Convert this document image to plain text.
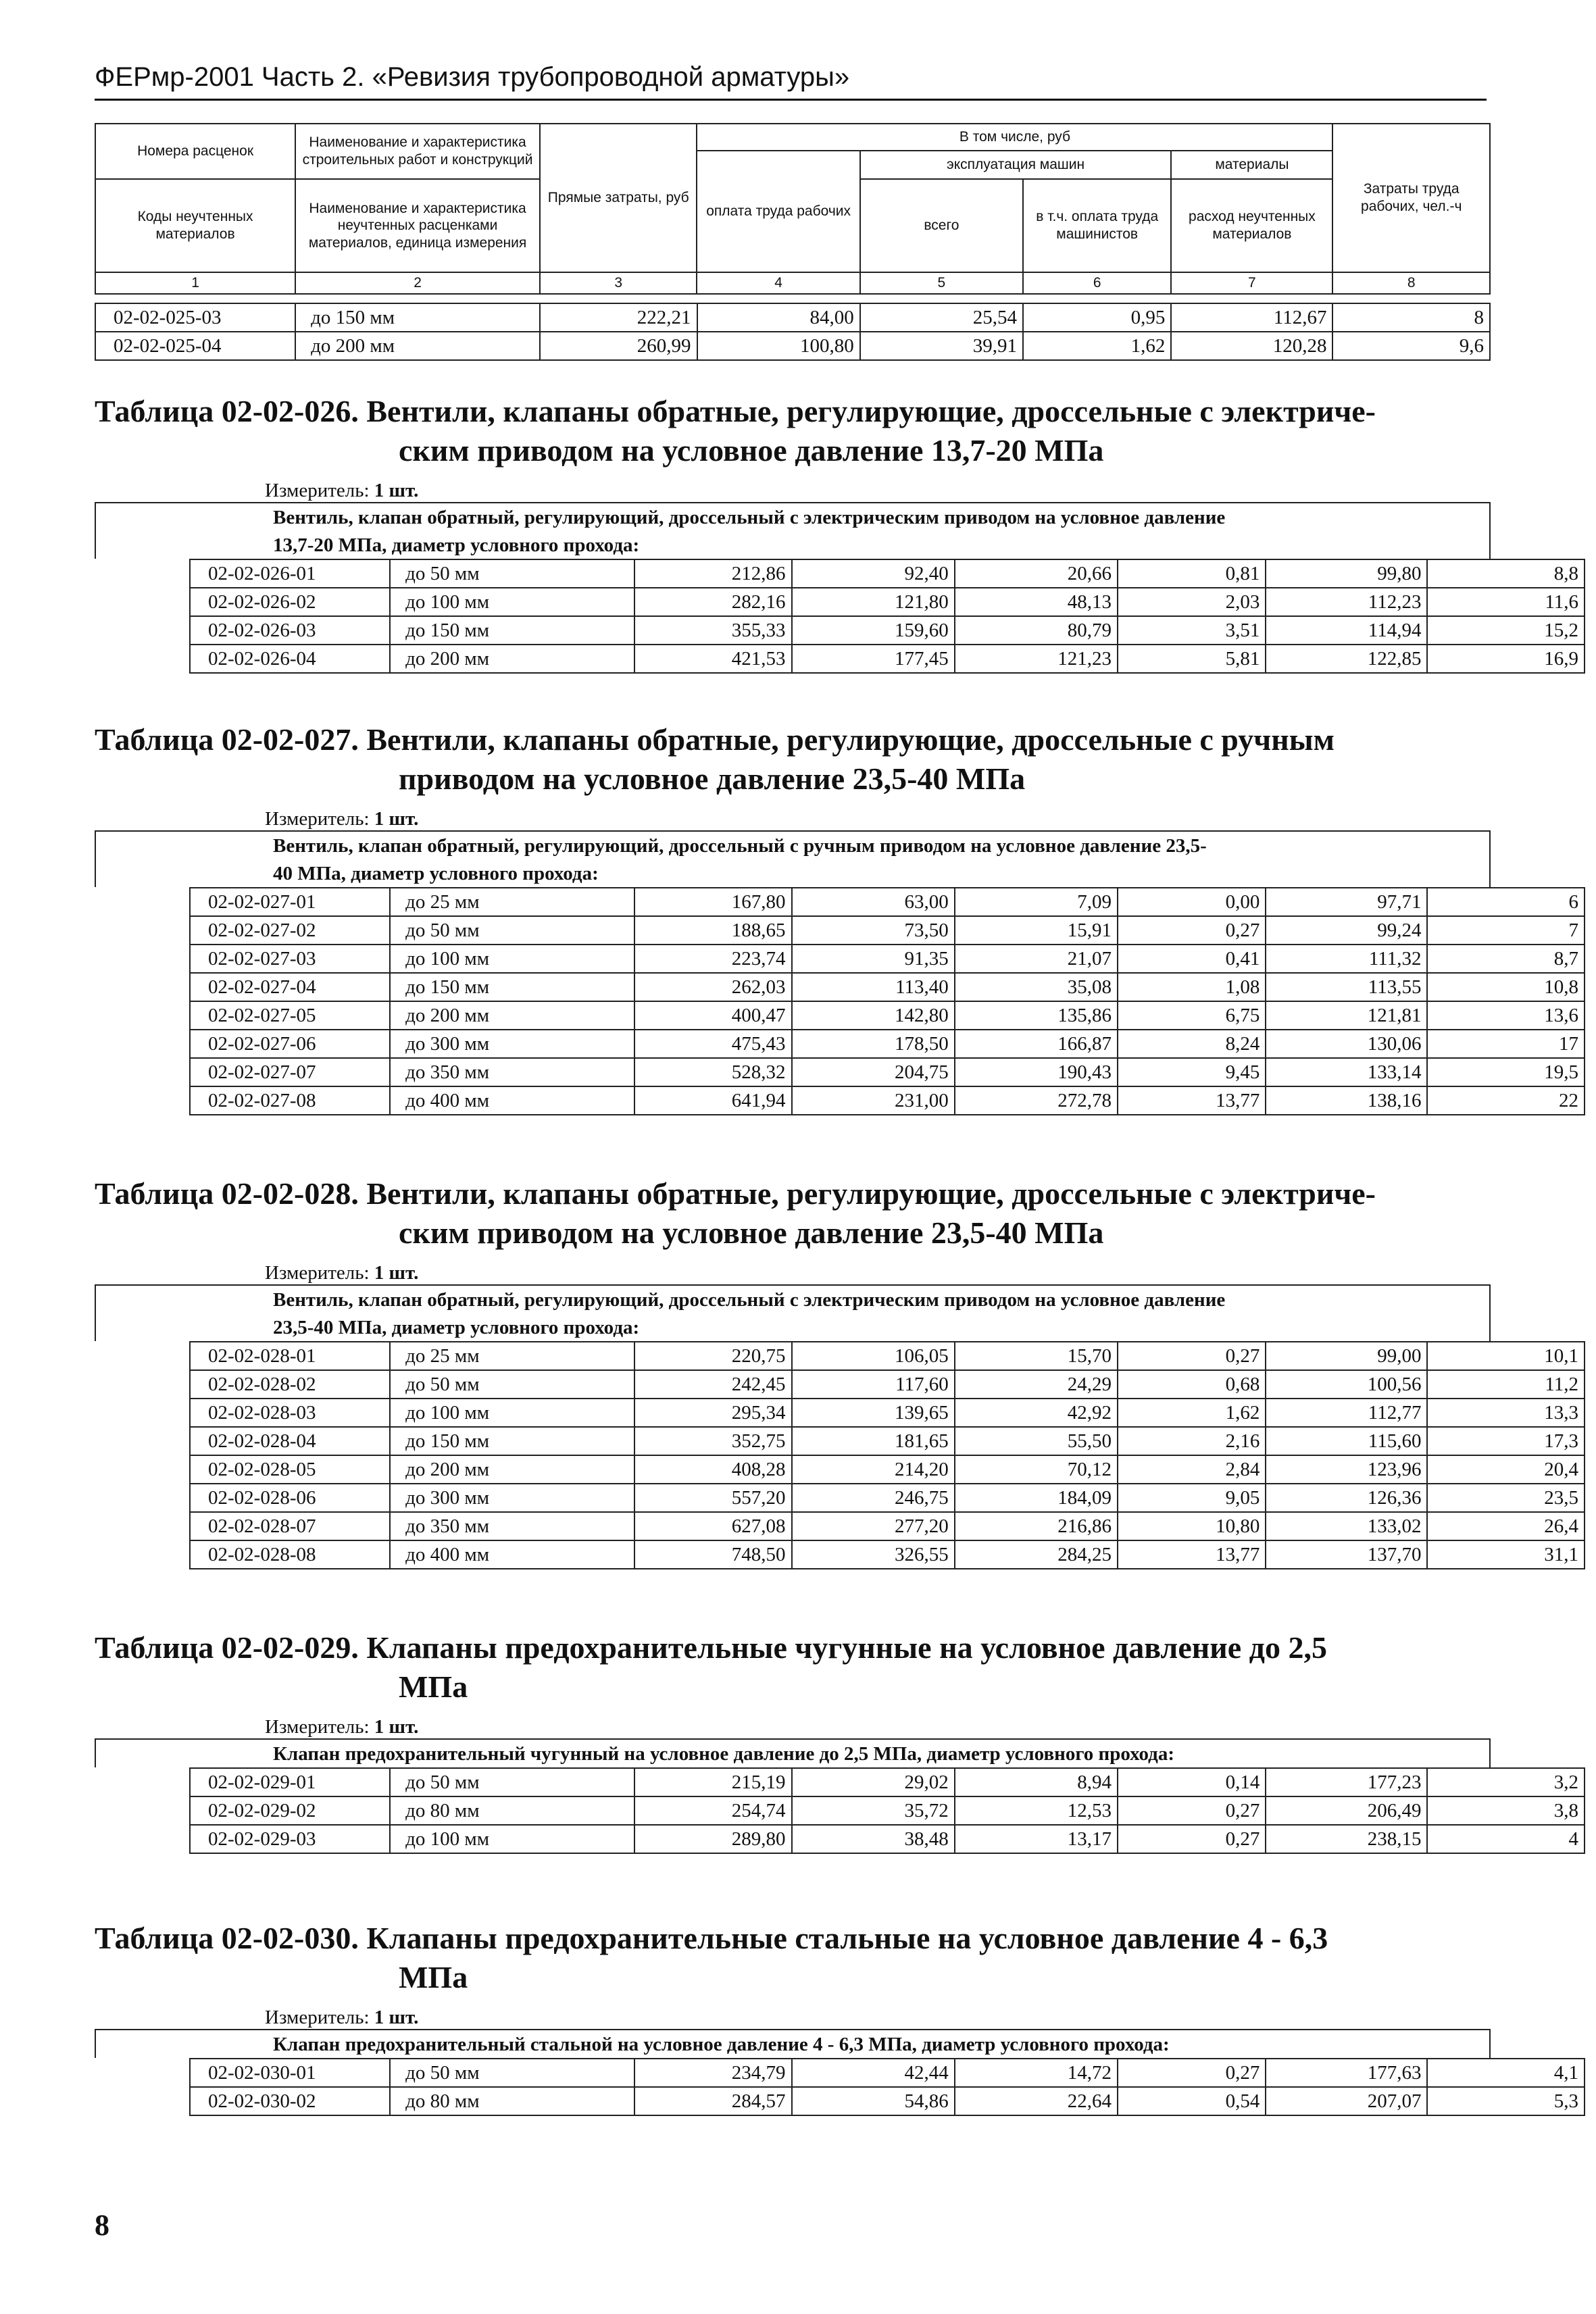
ФЕРмр-2001 Часть 2. «Ревизия трубопроводной арматуры»
Номера расценок	Наименование и характеристика строительных работ и конструкций	Прямые затраты, руб	В том числе, руб				Затраты труда рабочих, чел.-ч
			оплата труда рабочих	эксплуатация машин		материалы	
Коды неучтенных материалов	Наименование и характеристика неучтенных расценками материалов, единица измерения			всего	в т.ч. оплата труда машинистов	расход неучтенных материалов	
1	2	3	4	5	6	7	8
02-02-025-03	до 150 мм	222,21	84,00	25,54	0,95	112,67	8
02-02-025-04	до 200 мм	260,99	100,80	39,91	1,62	120,28	9,6
Таблица 02-02-026. Вентили, клапаны обратные, регулирующие, дроссельные с электриче-
ским приводом на условное давление 13,7-20 МПа
Измеритель: 1 шт.
Вентиль, клапан обратный, регулирующий, дроссельный с электрическим приводом на условное давление
13,7-20 МПа, диаметр условного прохода:
02-02-026-01	до 50 мм	212,86	92,40	20,66	0,81	99,80	8,8
02-02-026-02	до 100 мм	282,16	121,80	48,13	2,03	112,23	11,6
02-02-026-03	до 150 мм	355,33	159,60	80,79	3,51	114,94	15,2
02-02-026-04	до 200 мм	421,53	177,45	121,23	5,81	122,85	16,9
Таблица 02-02-027. Вентили, клапаны обратные, регулирующие, дроссельные с ручным
приводом на условное давление 23,5-40 МПа
Измеритель: 1 шт.
Вентиль, клапан обратный, регулирующий, дроссельный с ручным приводом на условное давление 23,5-
40 МПа, диаметр условного прохода:
02-02-027-01	до 25 мм	167,80	63,00	7,09	0,00	97,71	6
02-02-027-02	до 50 мм	188,65	73,50	15,91	0,27	99,24	7
02-02-027-03	до 100 мм	223,74	91,35	21,07	0,41	111,32	8,7
02-02-027-04	до 150 мм	262,03	113,40	35,08	1,08	113,55	10,8
02-02-027-05	до 200 мм	400,47	142,80	135,86	6,75	121,81	13,6
02-02-027-06	до 300 мм	475,43	178,50	166,87	8,24	130,06	17
02-02-027-07	до 350 мм	528,32	204,75	190,43	9,45	133,14	19,5
02-02-027-08	до 400 мм	641,94	231,00	272,78	13,77	138,16	22
Таблица 02-02-028. Вентили, клапаны обратные, регулирующие, дроссельные с электриче-
ским приводом на условное давление 23,5-40 МПа
Измеритель: 1 шт.
Вентиль, клапан обратный, регулирующий, дроссельный с электрическим приводом на условное давление
23,5-40 МПа, диаметр условного прохода:
02-02-028-01	до 25 мм	220,75	106,05	15,70	0,27	99,00	10,1
02-02-028-02	до 50 мм	242,45	117,60	24,29	0,68	100,56	11,2
02-02-028-03	до 100 мм	295,34	139,65	42,92	1,62	112,77	13,3
02-02-028-04	до 150 мм	352,75	181,65	55,50	2,16	115,60	17,3
02-02-028-05	до 200 мм	408,28	214,20	70,12	2,84	123,96	20,4
02-02-028-06	до 300 мм	557,20	246,75	184,09	9,05	126,36	23,5
02-02-028-07	до 350 мм	627,08	277,20	216,86	10,80	133,02	26,4
02-02-028-08	до 400 мм	748,50	326,55	284,25	13,77	137,70	31,1
Таблица 02-02-029. Клапаны предохранительные чугунные на условное давление до 2,5
МПа
Измеритель: 1 шт.
Клапан предохранительный чугунный на условное давление до 2,5 МПа, диаметр условного прохода:
02-02-029-01	до 50 мм	215,19	29,02	8,94	0,14	177,23	3,2
02-02-029-02	до 80 мм	254,74	35,72	12,53	0,27	206,49	3,8
02-02-029-03	до 100 мм	289,80	38,48	13,17	0,27	238,15	4
Таблица 02-02-030. Клапаны предохранительные стальные на условное давление 4 - 6,3
МПа
Измеритель: 1 шт.
Клапан предохранительный стальной на условное давление 4 - 6,3 МПа, диаметр условного прохода:
02-02-030-01	до 50 мм	234,79	42,44	14,72	0,27	177,63	4,1
02-02-030-02	до 80 мм	284,57	54,86	22,64	0,54	207,07	5,3
8
